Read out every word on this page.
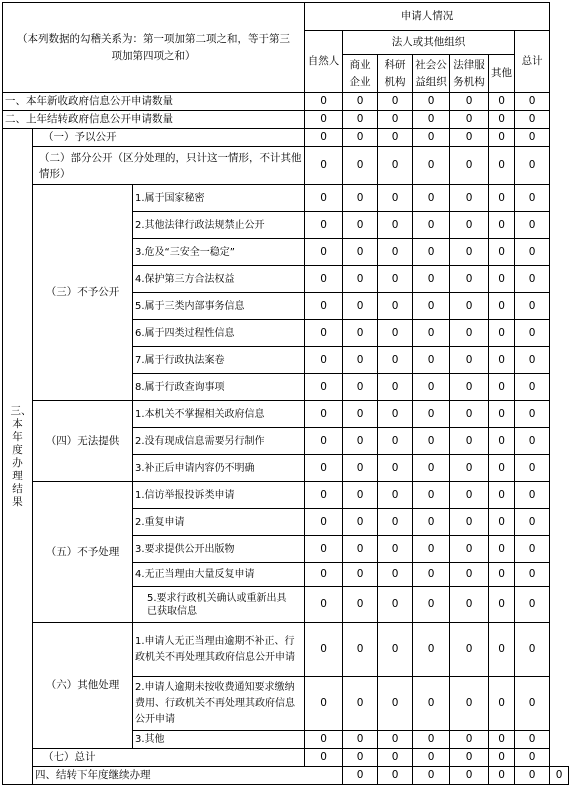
（本列数据的勾稽关系为：第一项加第二项之和，等于第三项加第四项之和）			申请人情况							
			自然人	法人或其他组织					总计	
				商业企业	科研机构	社会公益组织	法律服务机构	其他		
一、本年新收政府信息公开申请数量			0	0	0	0	0	0	0	
二、上年结转政府信息公开申请数量			0	0	0	0	0	0	0	

三、本年度办理结果	（一）予以公开		0	0	0	0	0	0	0	
	（二）部分公开（区分处理的，只计这一情形，不计其他情形）		0	0	0	0	0	0	0	
	（三）不予公开	1.属于国家秘密	0	0	0	0	0	0	0	
		2.其他法律行政法规禁止公开	0	0	0	0	0	0	0	
		3.危及“三安全一稳定”	0	0	0	0	0	0	0	
		4.保护第三方合法权益	0	0	0	0	0	0	0	
		5.属于三类内部事务信息	0	0	0	0	0	0	0	
		6.属于四类过程性信息	0	0	0	0	0	0	0	
		7.属于行政执法案卷	0	0	0	0	0	0	0	
		8.属于行政查询事项	0	0	0	0	0	0	0	
	（四）无法提供	1.本机关不掌握相关政府信息	0	0	0	0	0	0	0	
		2.没有现成信息需要另行制作	0	0	0	0	0	0	0	
		3.补正后申请内容仍不明确	0	0	0	0	0	0	0	
	（五）不予处理	1.信访举报投诉类申请	0	0	0	0	0	0	0	
		2.重复申请	0	0	0	0	0	0	0	
		3.要求提供公开出版物	0	0	0	0	0	0	0	
		4.无正当理由大量反复申请	0	0	0	0	0	0	0	
		5.要求行政机关确认或重新出具已获取信息	0	0	0	0	0	0	0	
	（六）其他处理	1.申请人无正当理由逾期不补正、行政机关不再处理其政府信息公开申请	0	0	0	0	0	0	0	
		2.申请人逾期未按收费通知要求缴纳费用、行政机关不再处理其政府信息公开申请	0	0	0	0	0	0	0	
		3.其他	0	0	0	0	0	0	0	
	（七）总计		0	0	0	0	0	0	0	
	四、结转下年度继续办理			0	0	0	0	0	0	0
